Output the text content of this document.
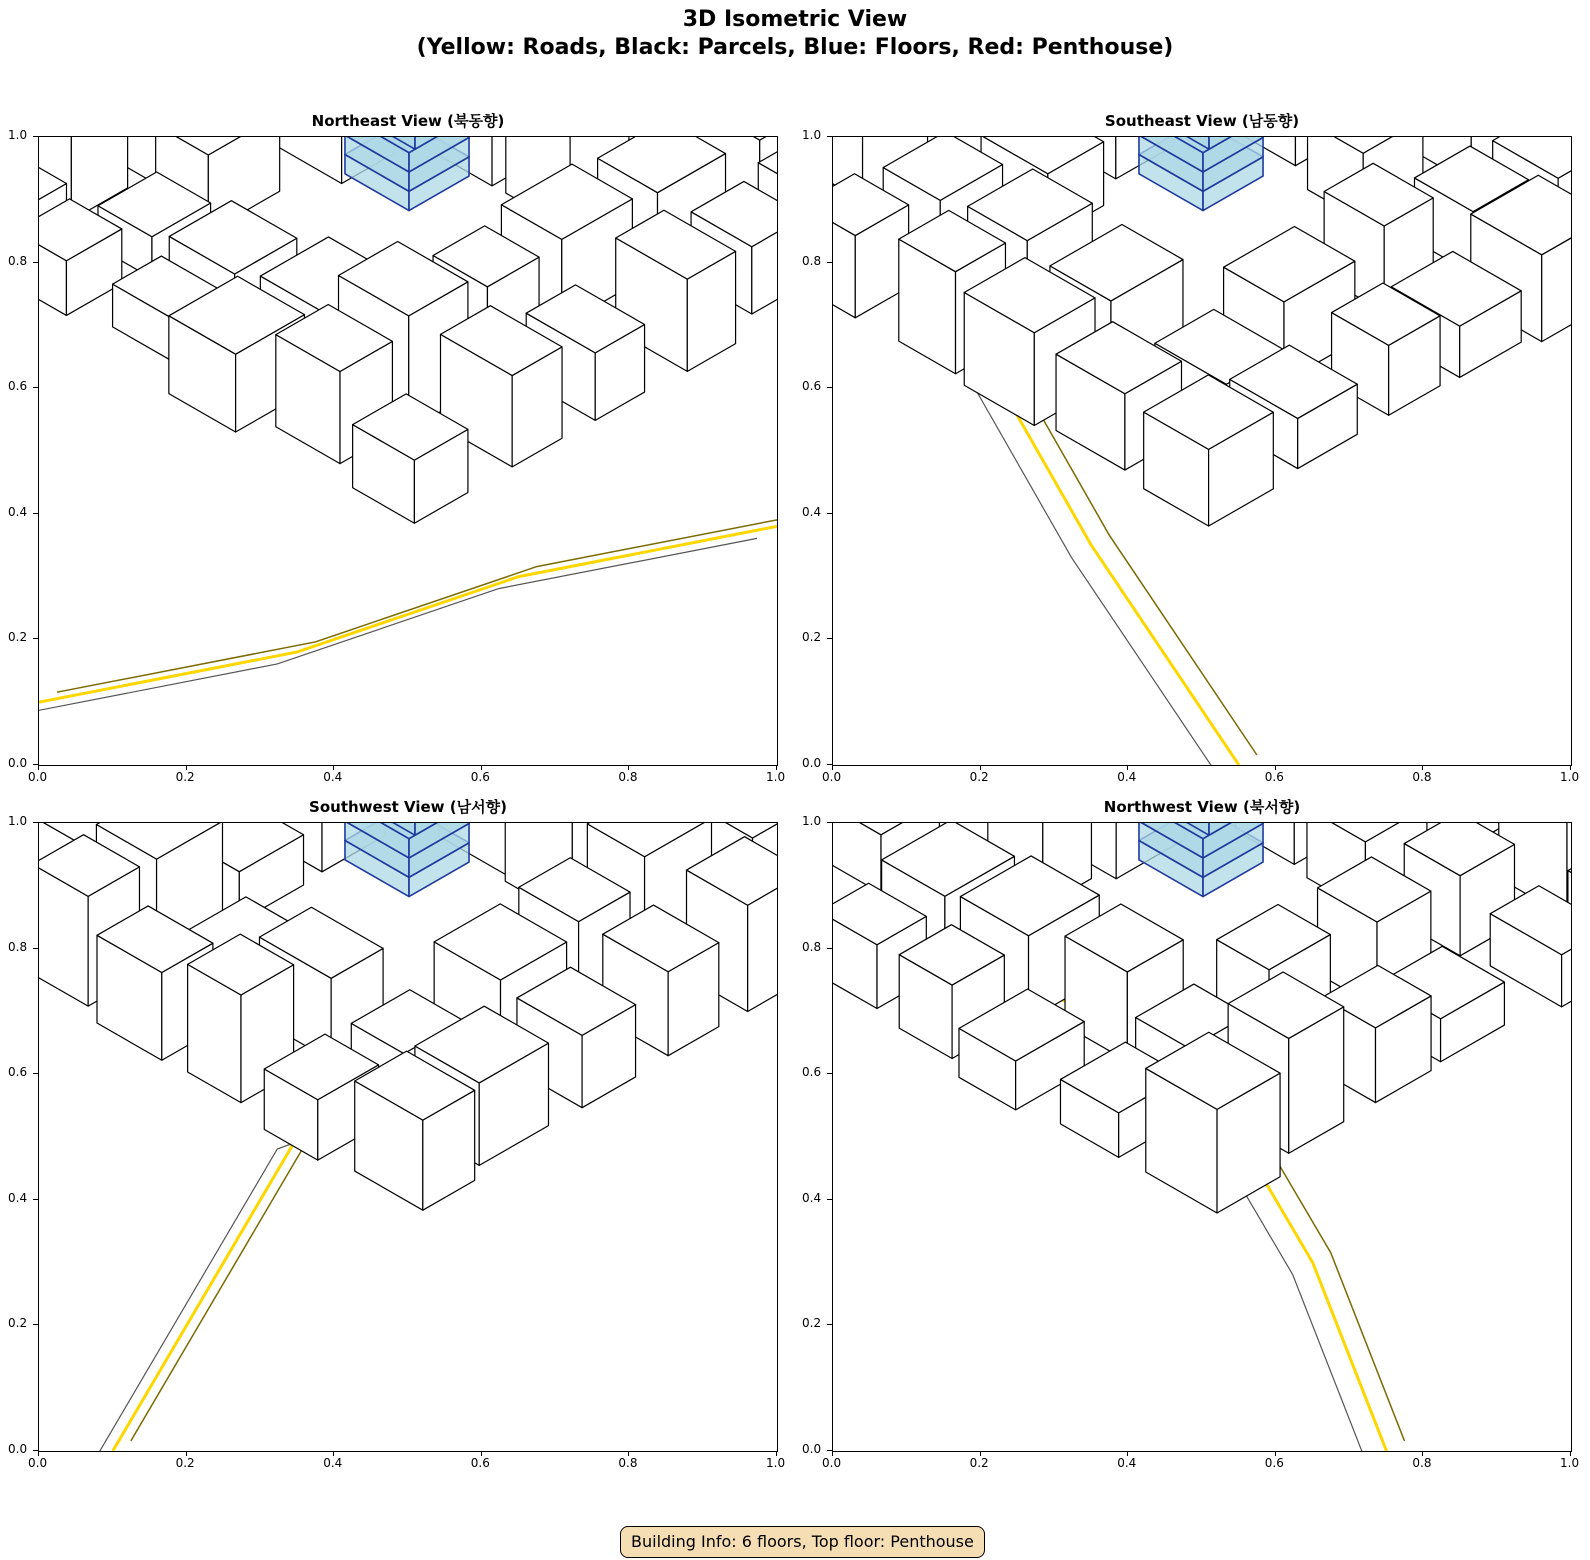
3D Isometric View
(Yellow: Roads, Black: Parcels, Blue: Floors, Red: Penthouse)
Building Info: 6 floors, Top floor: Penthouse
Northeast View (북동향)
0.0
0.0
0.2
0.2
0.4
0.4
0.6
0.6
0.8
0.8
1.0
1.0
Southeast View (남동향)
0.0
0.0
0.2
0.2
0.4
0.4
0.6
0.6
0.8
0.8
1.0
1.0
Southwest View (남서향)
0.0
0.0
0.2
0.2
0.4
0.4
0.6
0.6
0.8
0.8
1.0
1.0
Northwest View (북서향)
0.0
0.0
0.2
0.2
0.4
0.4
0.6
0.6
0.8
0.8
1.0
1.0
